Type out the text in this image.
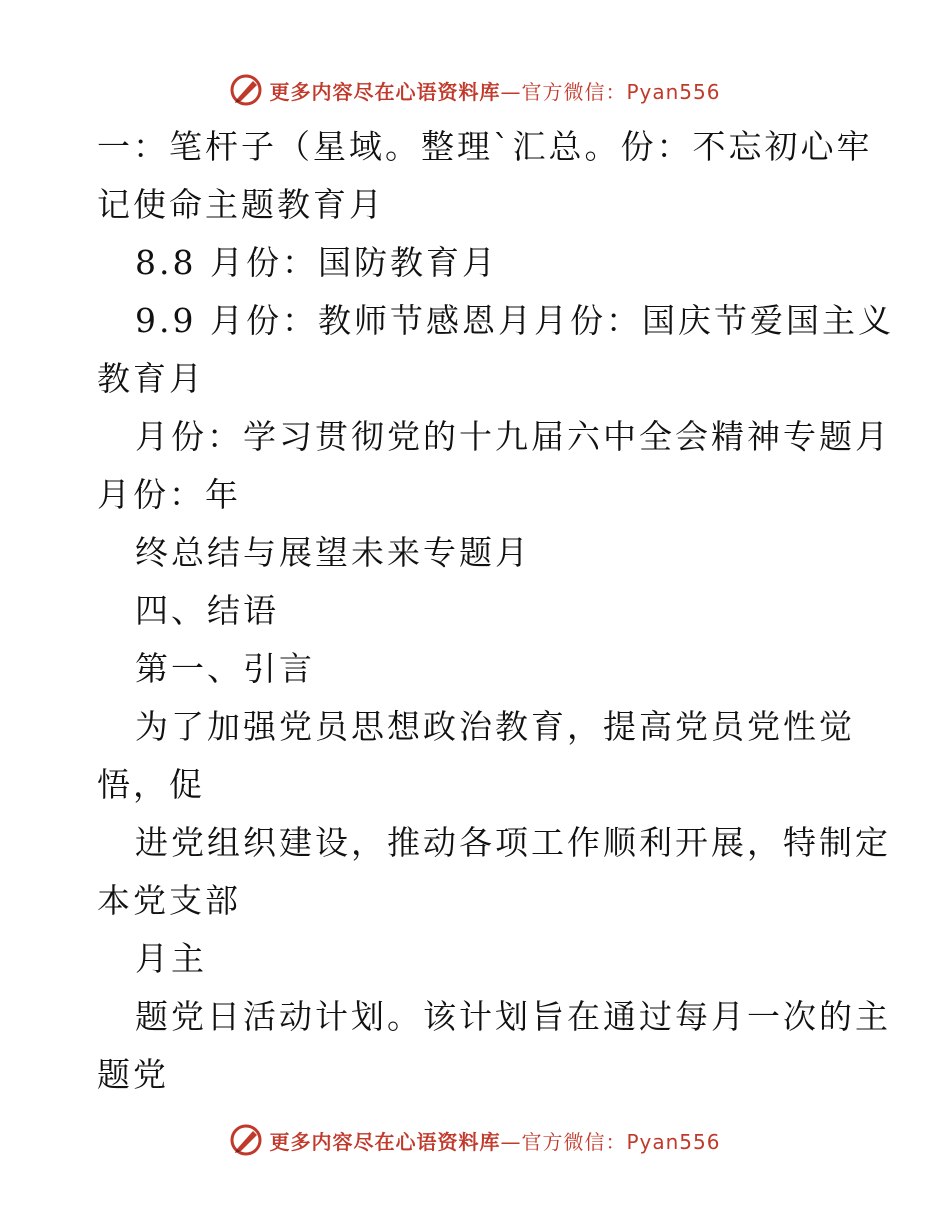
更多内容尽在心语资料库—官方微信：Pyan556
一：笔杆子（星域。整理`汇总。份：不忘初心牢
记使命主题教育月
8.8 月份：国防教育月
9.9 月份：教师节感恩月月份：国庆节爱国主义
教育月
月份：学习贯彻党的十九届六中全会精神专题月
月份：年
终总结与展望未来专题月
四、结语
第一、引言
为了加强党员思想政治教育，提高党员党性觉
悟，促
进党组织建设，推动各项工作顺利开展，特制定
本党支部
月主
题党日活动计划。该计划旨在通过每月一次的主
题党
更多内容尽在心语资料库—官方微信：Pyan556
